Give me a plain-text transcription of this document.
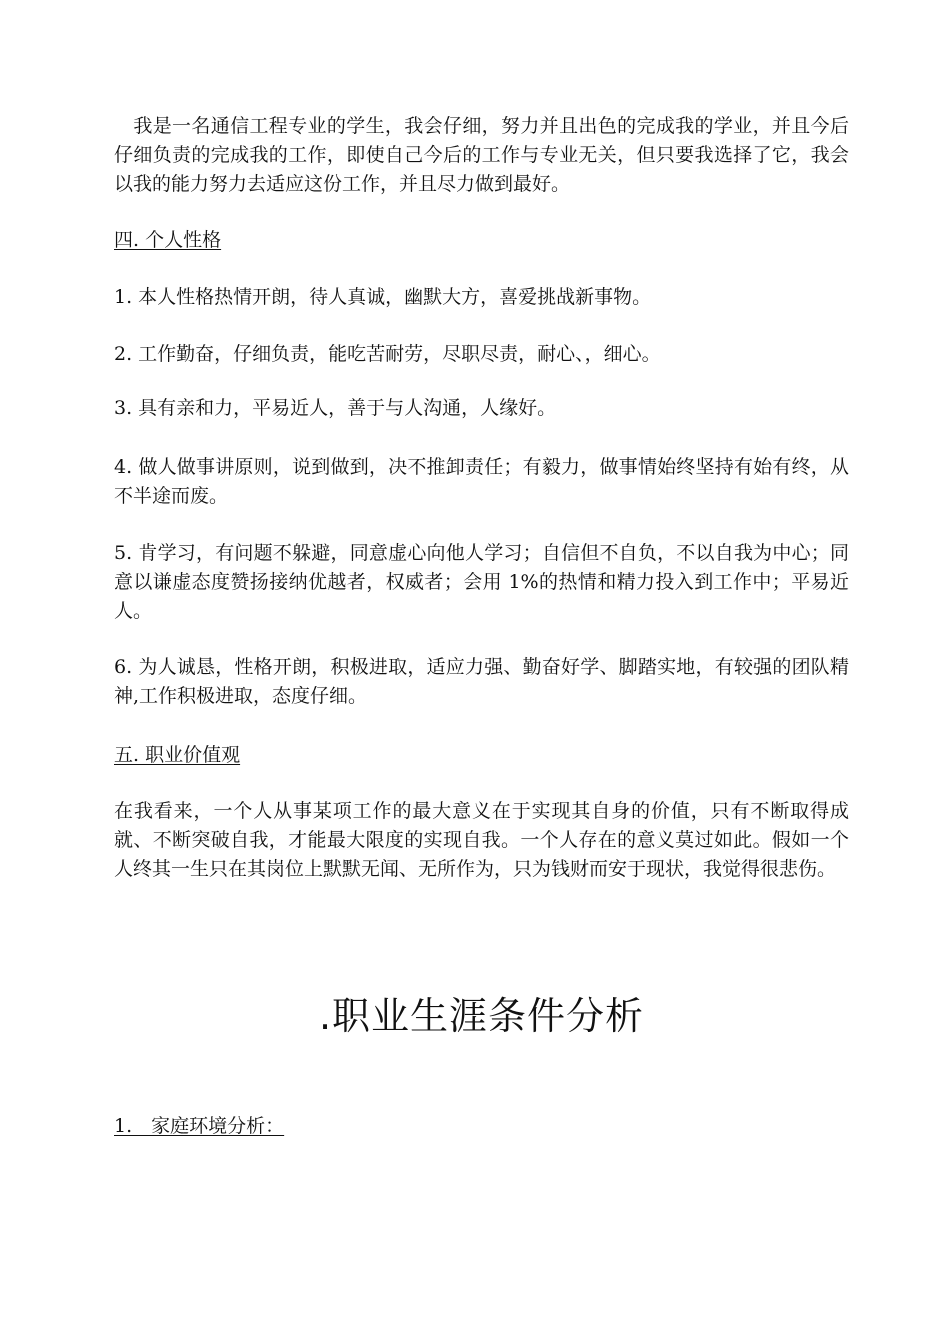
　我是一名通信工程专业的学生，我会仔细，努力并且出色的完成我的学业，并且今后仔细负责的完成我的工作，即使自己今后的工作与专业无关，但只要我选择了它，我会以我的能力努力去适应这份工作，并且尽力做到最好。

四. 个人性格

1. 本人性格热情开朗，待人真诚，幽默大方，喜爱挑战新事物。

2. 工作勤奋，仔细负责，能吃苦耐劳，尽职尽责，耐心、，细心。

3. 具有亲和力，平易近人，善于与人沟通，人缘好。

4. 做人做事讲原则，说到做到，决不推卸责任；有毅力，做事情始终坚持有始有终，从不半途而废。

5. 肯学习，有问题不躲避，同意虚心向他人学习；自信但不自负，不以自我为中心；同意以谦虚态度赞扬接纳优越者，权威者；会用 1%的热情和精力投入到工作中；平易近人。

6. 为人诚恳，性格开朗，积极进取，适应力强、勤奋好学、脚踏实地，有较强的团队精神,工作积极进取，态度仔细。

五. 职业价值观

在我看来，一个人从事某项工作的最大意义在于实现其自身的价值，只有不断取得成就、不断突破自我，才能最大限度的实现自我。一个人存在的意义莫过如此。假如一个人终其一生只在其岗位上默默无闻、无所作为，只为钱财而安于现状，我觉得很悲伤。

.职业生涯条件分析

1.　家庭环境分析：
